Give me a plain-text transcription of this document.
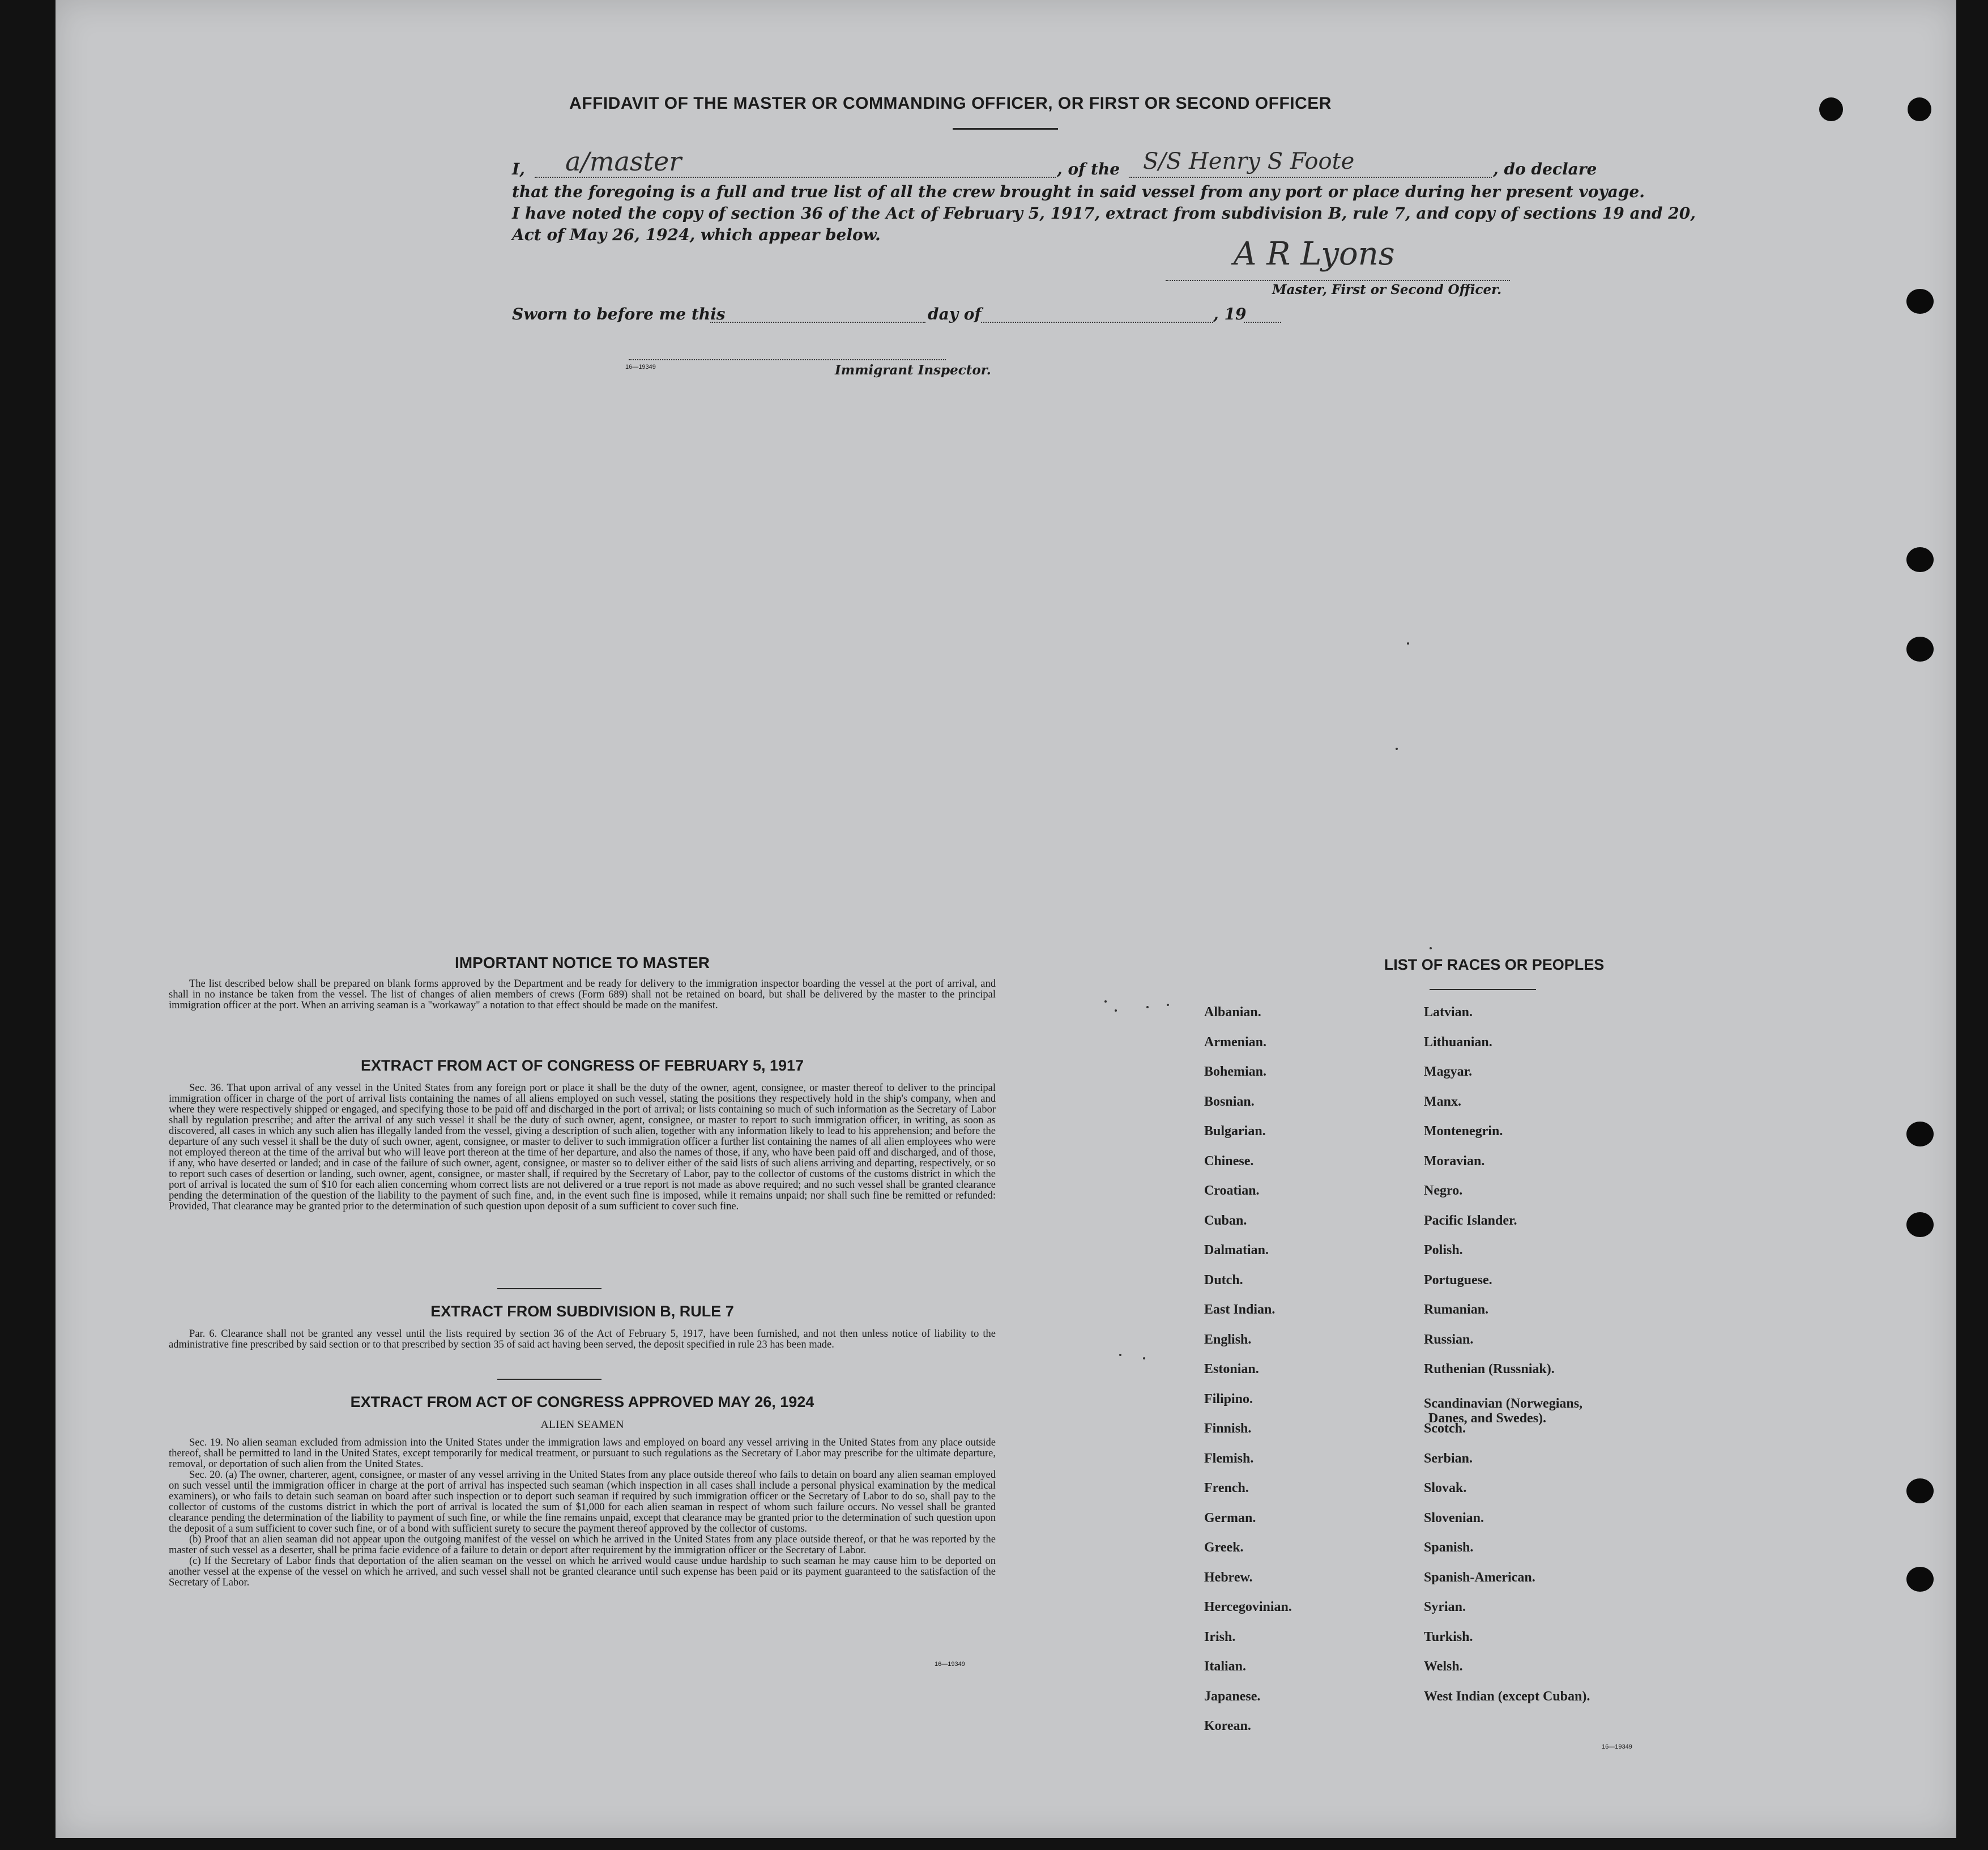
AFFIDAVIT OF THE MASTER OR COMMANDING OFFICER, OR FIRST OR SECOND OFFICER
I, a/master	, of the S/S Henry S Foote	, do declare
that the foregoing is a full and true list of all the crew brought in said vessel from any port or place during her present voyage.
I have noted the copy of section 36 of the Act of February 5, 1917, extract from subdivision B, rule 7, and copy of sections 19 and 20,
Act of May 26, 1924, which appear below.
A R Lyons
Master, First or Second Officer.
Sworn to before me this	day of	, 19
16—19349	Immigrant Inspector.
IMPORTANT NOTICE TO MASTER

The list described below shall be prepared on blank forms approved by the Department and be ready for delivery to the immigration inspector boarding the vessel at the port of arrival, and shall in no instance be taken from the vessel. The list of changes of alien members of crews (Form 689) shall not be retained on board, but shall be delivered by the master to the principal immigration officer at the port. When an arriving seaman is a "workaway" a notation to that effect should be made on the manifest.

EXTRACT FROM ACT OF CONGRESS OF FEBRUARY 5, 1917

Sec. 36. That upon arrival of any vessel in the United States from any foreign port or place it shall be the duty of the owner, agent, consignee, or master thereof to deliver to the principal immigration officer in charge of the port of arrival lists containing the names of all aliens employed on such vessel, stating the positions they respectively hold in the ship's company, when and where they were respectively shipped or engaged, and specifying those to be paid off and discharged in the port of arrival; or lists containing so much of such information as the Secretary of Labor shall by regulation prescribe; and after the arrival of any such vessel it shall be the duty of such owner, agent, consignee, or master to report to such immigration officer, in writing, as soon as discovered, all cases in which any such alien has illegally landed from the vessel, giving a description of such alien, together with any information likely to lead to his apprehension; and before the departure of any such vessel it shall be the duty of such owner, agent, consignee, or master to deliver to such immigration officer a further list containing the names of all alien employees who were not employed thereon at the time of the arrival but who will leave port thereon at the time of her departure, and also the names of those, if any, who have been paid off and discharged, and of those, if any, who have deserted or landed; and in case of the failure of such owner, agent, consignee, or master so to deliver either of the said lists of such aliens arriving and departing, respectively, or so to report such cases of desertion or landing, such owner, agent, consignee, or master shall, if required by the Secretary of Labor, pay to the collector of customs of the customs district in which the port of arrival is located the sum of $10 for each alien concerning whom correct lists are not delivered or a true report is not made as above required; and no such vessel shall be granted clearance pending the determination of the question of the liability to the payment of such fine, and, in the event such fine is imposed, while it remains unpaid; nor shall such fine be remitted or refunded: Provided, That clearance may be granted prior to the determination of such question upon deposit of a sum sufficient to cover such fine.

EXTRACT FROM SUBDIVISION B, RULE 7

Par. 6. Clearance shall not be granted any vessel until the lists required by section 36 of the Act of February 5, 1917, have been furnished, and not then unless notice of liability to the administrative fine prescribed by said section or to that prescribed by section 35 of said act having been served, the deposit specified in rule 23 has been made.

EXTRACT FROM ACT OF CONGRESS APPROVED MAY 26, 1924
ALIEN SEAMEN

Sec. 19. No alien seaman excluded from admission into the United States under the immigration laws and employed on board any vessel arriving in the United States from any place outside thereof, shall be permitted to land in the United States, except temporarily for medical treatment, or pursuant to such regulations as the Secretary of Labor may prescribe for the ultimate departure, removal, or deportation of such alien from the United States.

Sec. 20. (a) The owner, charterer, agent, consignee, or master of any vessel arriving in the United States from any place outside thereof who fails to detain on board any alien seaman employed on such vessel until the immigration officer in charge at the port of arrival has inspected such seaman (which inspection in all cases shall include a personal physical examination by the medical examiners), or who fails to detain such seaman on board after such inspection or to deport such seaman if required by such immigration officer or the Secretary of Labor to do so, shall pay to the collector of customs of the customs district in which the port of arrival is located the sum of $1,000 for each alien seaman in respect of whom such failure occurs. No vessel shall be granted clearance pending the determination of the liability to payment of such fine, or while the fine remains unpaid, except that clearance may be granted prior to the determination of such question upon the deposit of a sum sufficient to cover such fine, or of a bond with sufficient surety to secure the payment thereof approved by the collector of customs.

(b) Proof that an alien seaman did not appear upon the outgoing manifest of the vessel on which he arrived in the United States from any place outside thereof, or that he was reported by the master of such vessel as a deserter, shall be prima facie evidence of a failure to detain or deport after requirement by the immigration officer or the Secretary of Labor.

(c) If the Secretary of Labor finds that deportation of the alien seaman on the vessel on which he arrived would cause undue hardship to such seaman he may cause him to be deported on another vessel at the expense of the vessel on which he arrived, and such vessel shall not be granted clearance until such expense has been paid or its payment guaranteed to the satisfaction of the Secretary of Labor.

16—19349
LIST OF RACES OR PEOPLES
16—19349
Albanian.
Armenian.
Bohemian.
Bosnian.
Bulgarian.
Chinese.
Croatian.
Cuban.
Dalmatian.
Dutch.
East Indian.
English.
Estonian.
Filipino.
Finnish.
Flemish.
French.
German.
Greek.
Hebrew.
Hercegovinian.
Irish.
Italian.
Japanese.
Korean.
Latvian.
Lithuanian.
Magyar.
Manx.
Montenegrin.
Moravian.
Negro.
Pacific Islander.
Polish.
Portuguese.
Rumanian.
Russian.
Ruthenian (Russniak).
Scandinavian (Norwegians,
Danes, and Swedes).
Scotch.
Serbian.
Slovak.
Slovenian.
Spanish.
Spanish-American.
Syrian.
Turkish.
Welsh.
West Indian (except Cuban).
